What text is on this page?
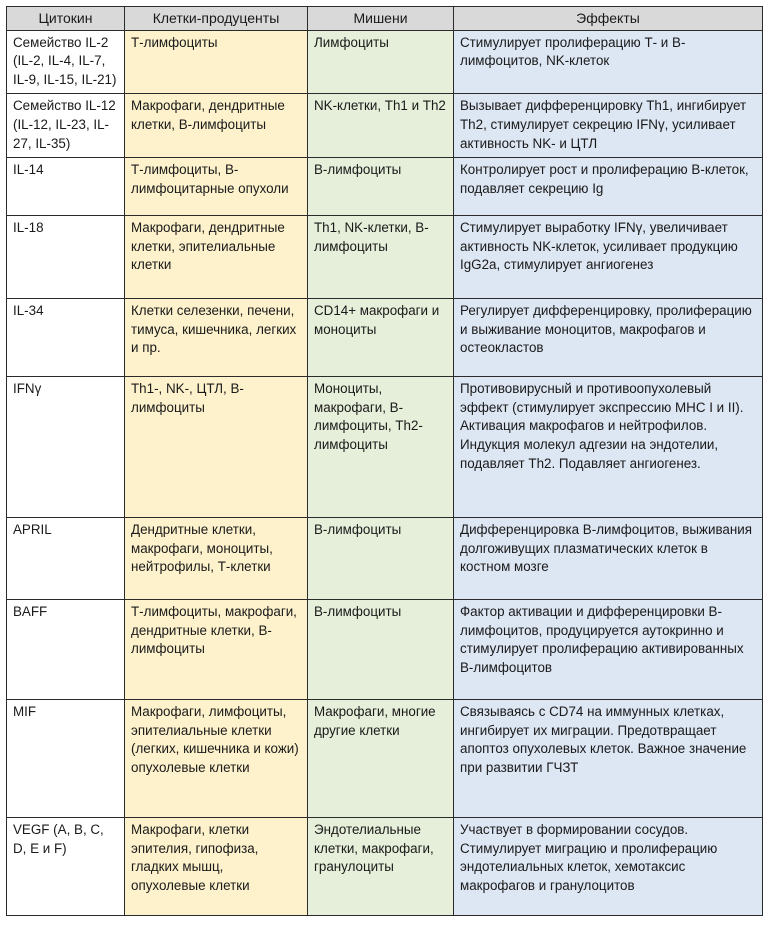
Цитокин	Клетки-продуценты	Мишени	Эффекты
Семейство IL-2 (IL-2, IL-4, IL-7, IL-9, IL-15, IL-21)	Т-лимфоциты	Лимфоциты	Стимулирует пролиферацию Т- и В-лимфоцитов, NK-клеток
Семейство IL-12 (IL-12, IL-23, IL-27, IL-35)	Макрофаги, дендритные клетки, В-лимфоциты	NK-клетки, Th1 и Th2	Вызывает дифференцировку Th1, ингибирует Th2, стимулирует секрецию IFNγ, усиливает активность NK- и ЦТЛ
IL-14	Т-лимфоциты, В-лимфоцитарные опухоли	В-лимфоциты	Контролирует рост и пролиферацию В-клеток, подавляет секрецию Ig
IL-18	Макрофаги, дендритные клетки, эпителиальные клетки	Th1, NK-клетки, В-лимфоциты	Стимулирует выработку IFNγ, увеличивает активность NK-клеток, усиливает продукцию IgG2a, стимулирует ангиогенез
IL-34	Клетки селезенки, печени, тимуса, кишечника, легких и пр.	CD14+ макрофаги и моноциты	Регулирует дифференцировку, пролиферацию и выживание моноцитов, макрофагов и остеокластов
IFNγ	Th1-, NK-, ЦТЛ, В-лимфоциты	Моноциты, макрофаги, В-лимфоциты, Th2-лимфоциты	Противовирусный и противоопухолевый эффект (стимулирует экспрессию МНС I и II). Активация макрофагов и нейтрофилов. Индукция молекул адгезии на эндотелии, подавляет Th2. Подавляет ангиогенез.
APRIL	Дендритные клетки, макрофаги, моноциты, нейтрофилы, Т-клетки	В-лимфоциты	Дифференцировка В-лимфоцитов, выживания долгоживущих плазматических клеток в костном мозге
BAFF	Т-лимфоциты, макрофаги, дендритные клетки, В-лимфоциты	В-лимфоциты	Фактор активации и дифференцировки В-лимфоцитов, продуцируется аутокринно и стимулирует пролиферацию активированных В-лимфоцитов
MIF	Макрофаги, лимфоциты, эпителиальные клетки (легких, кишечника и кожи) опухолевые клетки	Макрофаги, многие другие клетки	Связываясь с CD74 на иммунных клетках, ингибирует их миграции. Предотвращает апоптоз опухолевых клеток. Важное значение при развитии ГЧЗТ
VEGF (A, B, C, D, E и F)	Макрофаги, клетки эпителия, гипофиза, гладких мышц, опухолевые клетки	Эндотелиальные клетки, макрофаги, гранулоциты	Участвует в формировании сосудов. Стимулирует миграцию и пролиферацию эндотелиальных клеток, хемотаксис макрофагов и гранулоцитов
